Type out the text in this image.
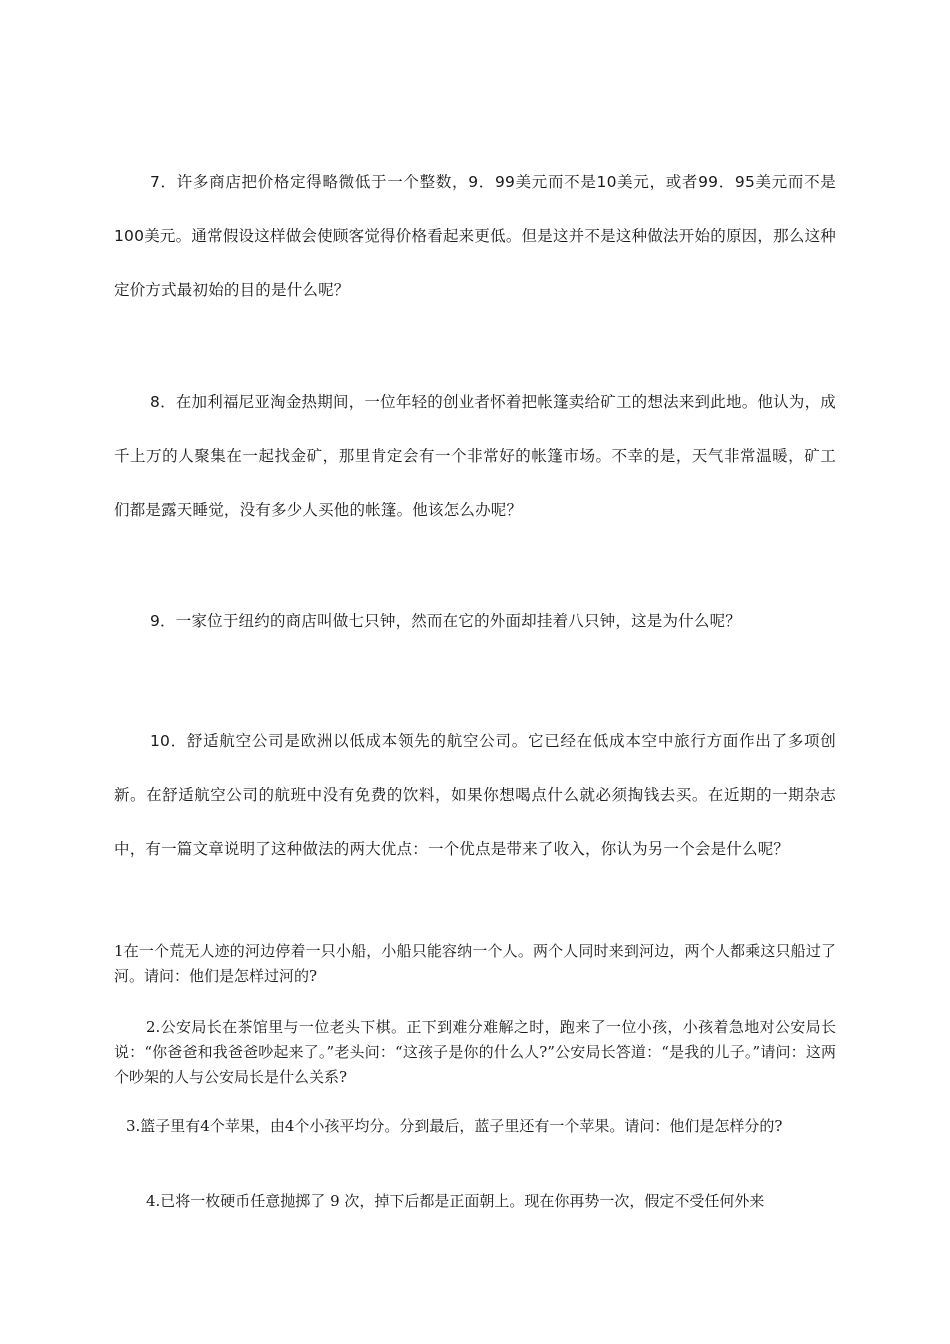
7．许多商店把价格定得略微低于一个整数，9．99美元而不是10美元，或者99．95美元而不是100美元。通常假设这样做会使顾客觉得价格看起来更低。但是这并不是这种做法开始的原因，那么这种定价方式最初始的目的是什么呢？

8．在加利福尼亚淘金热期间，一位年轻的创业者怀着把帐篷卖给矿工的想法来到此地。他认为，成千上万的人聚集在一起找金矿，那里肯定会有一个非常好的帐篷市场。不幸的是，天气非常温暖，矿工们都是露天睡觉，没有多少人买他的帐篷。他该怎么办呢？

9．一家位于纽约的商店叫做七只钟，然而在它的外面却挂着八只钟，这是为什么呢？

10．舒适航空公司是欧洲以低成本领先的航空公司。它已经在低成本空中旅行方面作出了多项创新。在舒适航空公司的航班中没有免费的饮料，如果你想喝点什么就必须掏钱去买。在近期的一期杂志中，有一篇文章说明了这种做法的两大优点：一个优点是带来了收入，你认为另一个会是什么呢？

1在一个荒无人迹的河边停着一只小船，小船只能容纳一个人。两个人同时来到河边，两个人都乘这只船过了河。请问：他们是怎样过河的?

2.公安局长在茶馆里与一位老头下棋。正下到难分难解之时，跑来了一位小孩，小孩着急地对公安局长说：“你爸爸和我爸爸吵起来了。”老头问：“这孩子是你的什么人?”公安局长答道：“是我的儿子。”请问：这两个吵架的人与公安局长是什么关系?

3.篮子里有4个苹果，由4个小孩平均分。分到最后，蓝子里还有一个苹果。请问：他们是怎样分的?

4.已将一枚硬币任意抛掷了 9 次，掉下后都是正面朝上。现在你再势一次，假定不受任何外来
